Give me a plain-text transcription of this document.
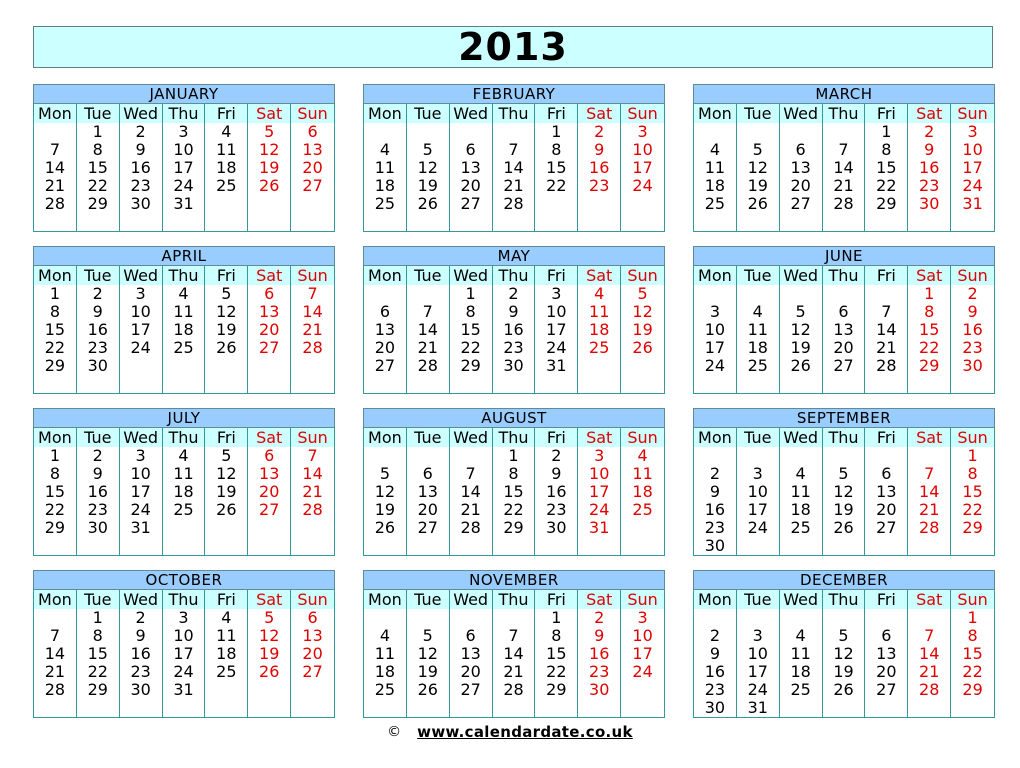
2013
JANUARY
Mon

7
14
21
28
Tue
1
8
15
22
29
Wed
2
9
16
23
30
Thu
3
10
17
24
31
Fri
4
11
18
25

Sat
5
12
19
26

Sun
6
13
20
27

FEBRUARY
Mon

4
11
18
25
Tue

5
12
19
26
Wed

6
13
20
27
Thu

7
14
21
28
Fri
1
8
15
22

Sat
2
9
16
23

Sun
3
10
17
24

MARCH
Mon

4
11
18
25
Tue

5
12
19
26
Wed

6
13
20
27
Thu

7
14
21
28
Fri
1
8
15
22
29
Sat
2
9
16
23
30
Sun
3
10
17
24
31
APRIL
Mon
1
8
15
22
29
Tue
2
9
16
23
30
Wed
3
10
17
24

Thu
4
11
18
25

Fri
5
12
19
26

Sat
6
13
20
27

Sun
7
14
21
28

MAY
Mon

6
13
20
27
Tue

7
14
21
28
Wed
1
8
15
22
29
Thu
2
9
16
23
30
Fri
3
10
17
24
31
Sat
4
11
18
25

Sun
5
12
19
26

JUNE
Mon

3
10
17
24
Tue

4
11
18
25
Wed

5
12
19
26
Thu

6
13
20
27
Fri

7
14
21
28
Sat
1
8
15
22
29
Sun
2
9
16
23
30
JULY
Mon
1
8
15
22
29
Tue
2
9
16
23
30
Wed
3
10
17
24
31
Thu
4
11
18
25

Fri
5
12
19
26

Sat
6
13
20
27

Sun
7
14
21
28

AUGUST
Mon

5
12
19
26
Tue

6
13
20
27
Wed

7
14
21
28
Thu
1
8
15
22
29
Fri
2
9
16
23
30
Sat
3
10
17
24
31
Sun
4
11
18
25

SEPTEMBER
Mon

2
9
16
23
30
Tue

3
10
17
24

Wed

4
11
18
25

Thu

5
12
19
26

Fri

6
13
20
27

Sat

7
14
21
28

Sun
1
8
15
22
29

OCTOBER
Mon

7
14
21
28
Tue
1
8
15
22
29
Wed
2
9
16
23
30
Thu
3
10
17
24
31
Fri
4
11
18
25

Sat
5
12
19
26

Sun
6
13
20
27

NOVEMBER
Mon

4
11
18
25
Tue

5
12
19
26
Wed

6
13
20
27
Thu

7
14
21
28
Fri
1
8
15
22
29
Sat
2
9
16
23
30
Sun
3
10
17
24

DECEMBER
Mon

2
9
16
23
30
Tue

3
10
17
24
31
Wed

4
11
18
25

Thu

5
12
19
26

Fri

6
13
20
27

Sat

7
14
21
28

Sun
1
8
15
22
29

© www.calendardate.co.uk
